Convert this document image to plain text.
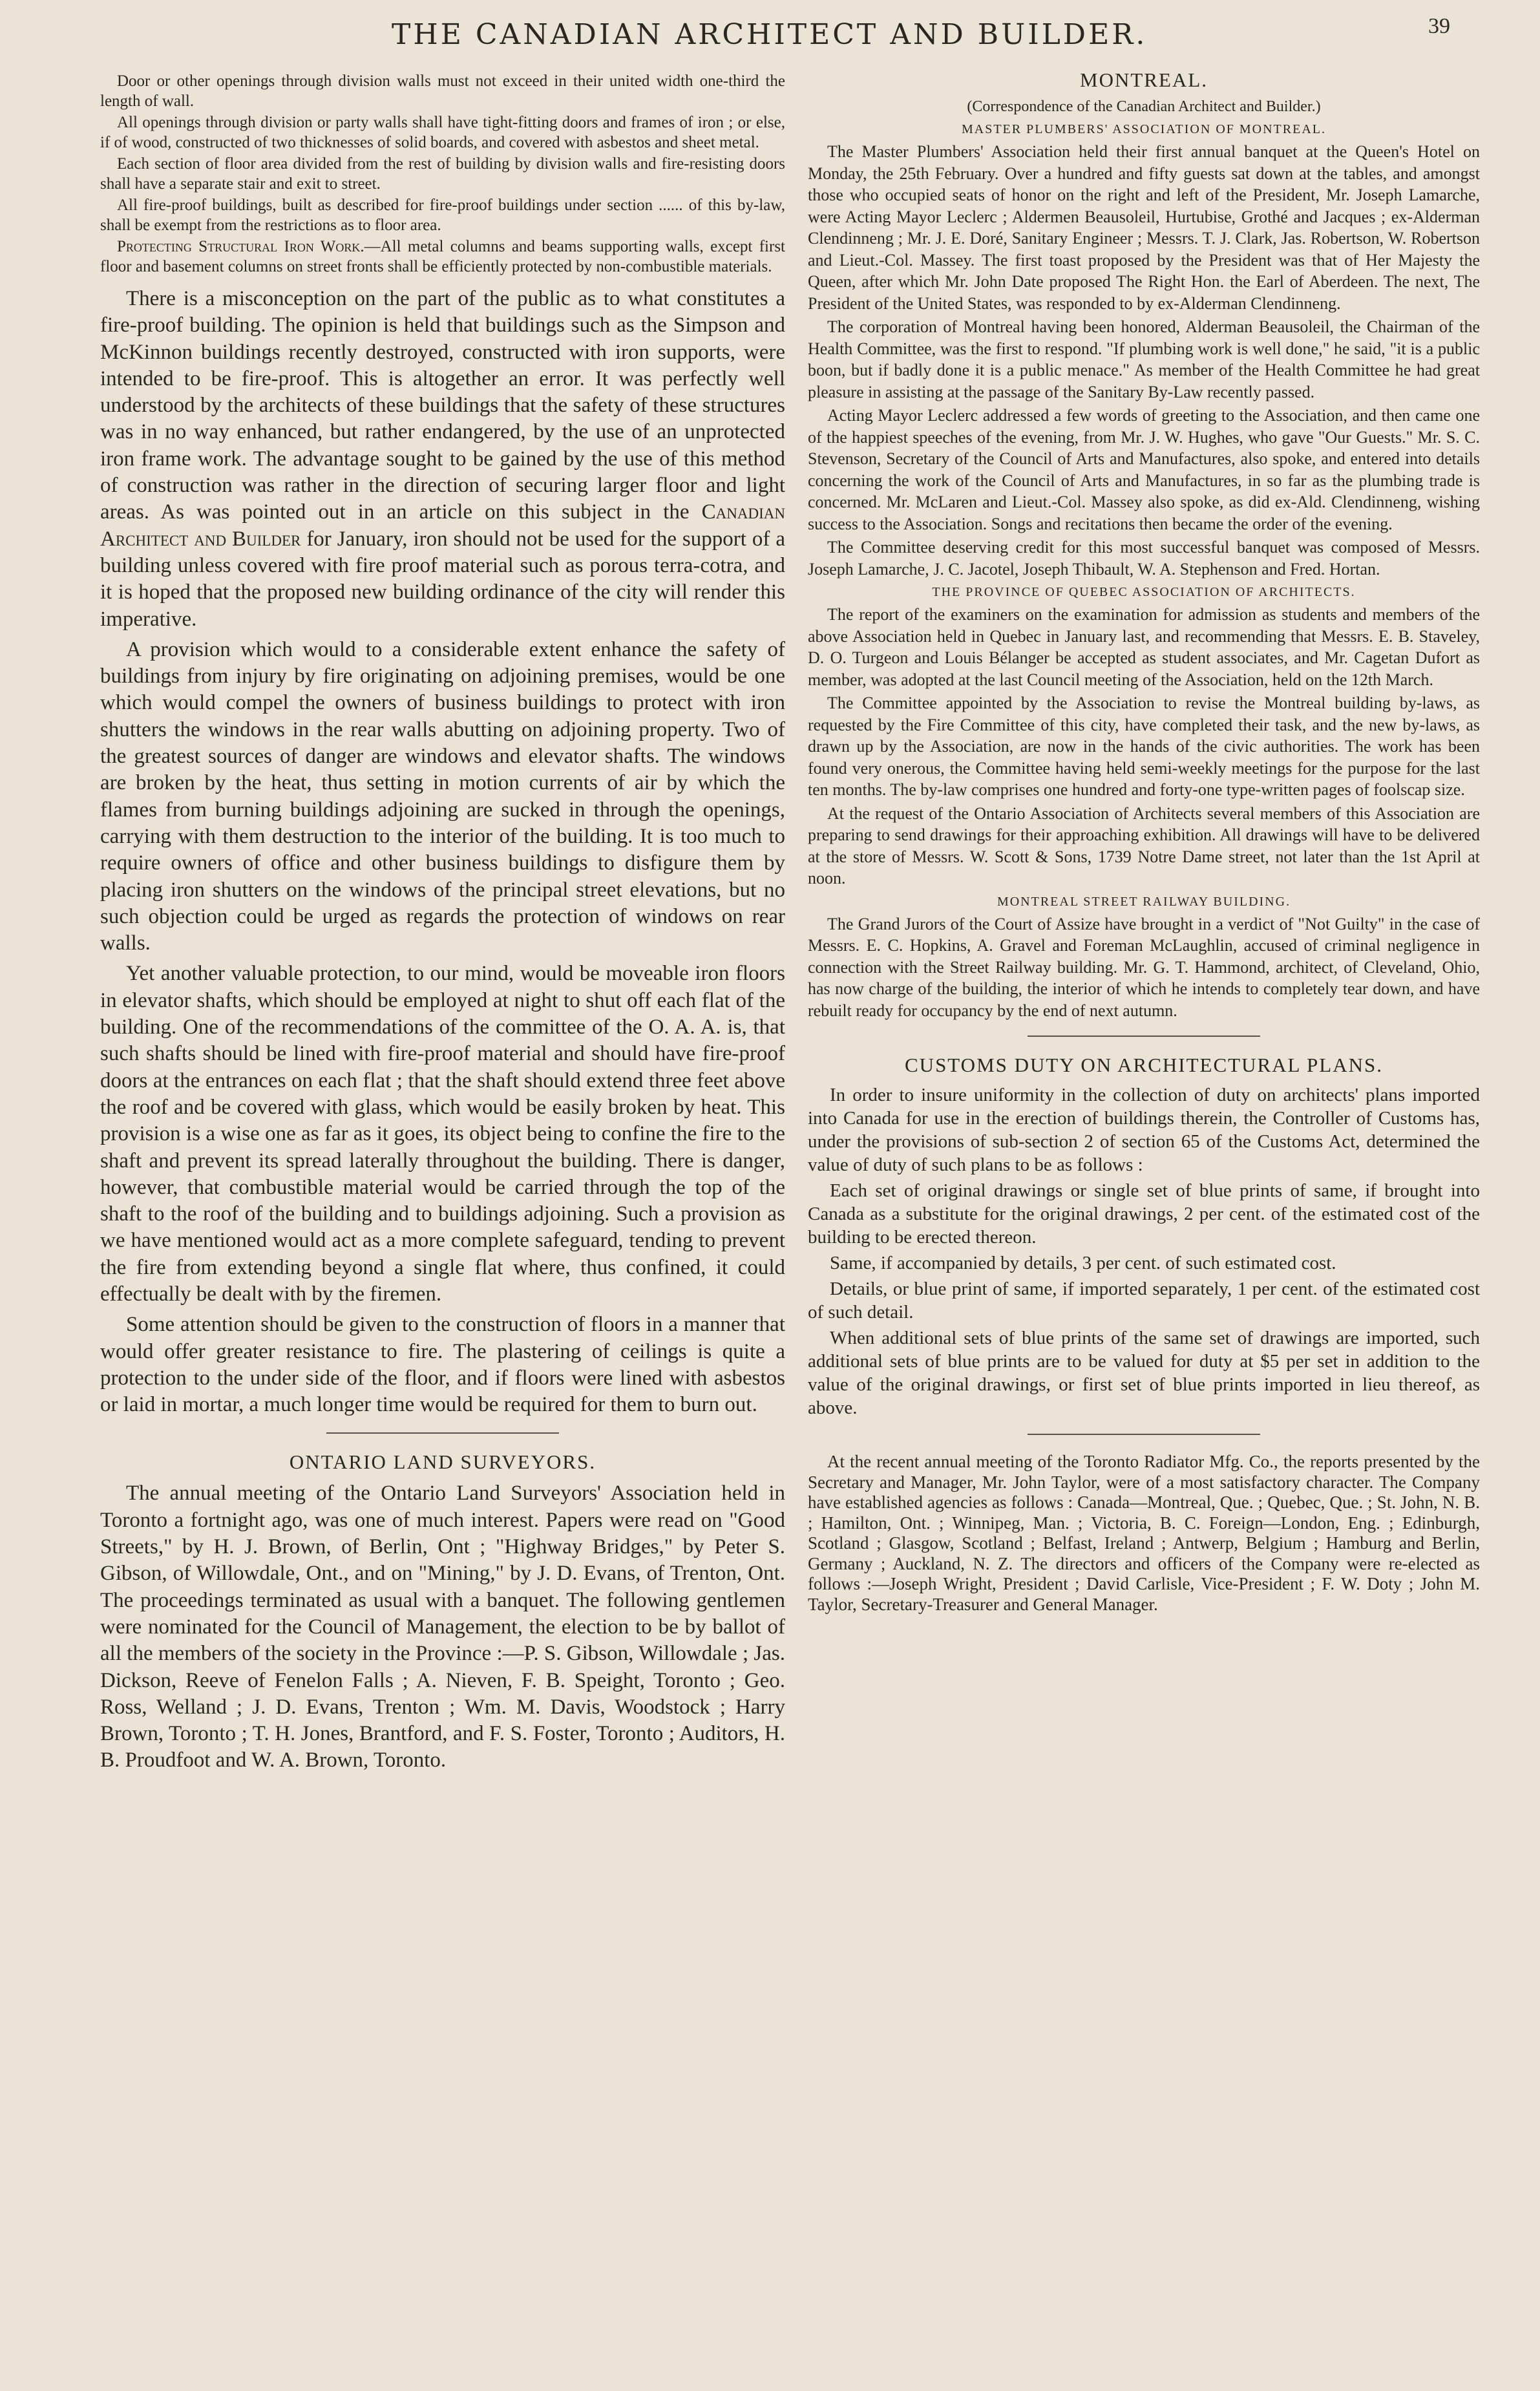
THE CANADIAN ARCHITECT AND BUILDER.	39

Door or other openings through division walls must not exceed in their united width one-third the length of wall.

All openings through division or party walls shall have tight-fitting doors and frames of iron ; or else, if of wood, constructed of two thicknesses of solid boards, and covered with asbestos and sheet metal.

Each section of floor area divided from the rest of building by division walls and fire-resisting doors shall have a separate stair and exit to street.

All fire-proof buildings, built as described for fire-proof buildings under section ...... of this by-law, shall be exempt from the restrictions as to floor area.

Protecting Structural Iron Work.—All metal columns and beams supporting walls, except first floor and basement columns on street fronts shall be efficiently protected by non-combustible materials.

There is a misconception on the part of the public as to what constitutes a fire-proof building. The opinion is held that buildings such as the Simpson and McKinnon buildings recently destroyed, constructed with iron supports, were intended to be fire-proof. This is altogether an error. It was perfectly well understood by the architects of these buildings that the safety of these structures was in no way enhanced, but rather endangered, by the use of an unprotected iron frame work. The advantage sought to be gained by the use of this method of construction was rather in the direction of securing larger floor and light areas. As was pointed out in an article on this subject in the Canadian Architect and Builder for January, iron should not be used for the support of a building unless covered with fire proof material such as porous terra-cotra, and it is hoped that the proposed new building ordinance of the city will render this imperative.

A provision which would to a considerable extent enhance the safety of buildings from injury by fire originating on adjoining premises, would be one which would compel the owners of business buildings to protect with iron shutters the windows in the rear walls abutting on adjoining property. Two of the greatest sources of danger are windows and elevator shafts. The windows are broken by the heat, thus setting in motion currents of air by which the flames from burning buildings adjoining are sucked in through the openings, carrying with them destruction to the interior of the building. It is too much to require owners of office and other business buildings to disfigure them by placing iron shutters on the windows of the principal street elevations, but no such objection could be urged as regards the protection of windows on rear walls.

Yet another valuable protection, to our mind, would be moveable iron floors in elevator shafts, which should be employed at night to shut off each flat of the building. One of the recommendations of the committee of the O. A. A. is, that such shafts should be lined with fire-proof material and should have fire-proof doors at the entrances on each flat ; that the shaft should extend three feet above the roof and be covered with glass, which would be easily broken by heat. This provision is a wise one as far as it goes, its object being to confine the fire to the shaft and prevent its spread laterally throughout the building. There is danger, however, that combustible material would be carried through the top of the shaft to the roof of the building and to buildings adjoining. Such a provision as we have mentioned would act as a more complete safeguard, tending to prevent the fire from extending beyond a single flat where, thus confined, it could effectually be dealt with by the firemen.

Some attention should be given to the construction of floors in a manner that would offer greater resistance to fire. The plastering of ceilings is quite a protection to the under side of the floor, and if floors were lined with asbestos or laid in mortar, a much longer time would be required for them to burn out.

ONTARIO LAND SURVEYORS.

The annual meeting of the Ontario Land Surveyors' Association held in Toronto a fortnight ago, was one of much interest. Papers were read on "Good Streets," by H. J. Brown, of Berlin, Ont ; "Highway Bridges," by Peter S. Gibson, of Willowdale, Ont., and on "Mining," by J. D. Evans, of Trenton, Ont. The proceedings terminated as usual with a banquet. The following gentlemen were nominated for the Council of Management, the election to be by ballot of all the members of the society in the Province :—P. S. Gibson, Willowdale ; Jas. Dickson, Reeve of Fenelon Falls ; A. Nieven, F. B. Speight, Toronto ; Geo. Ross, Welland ; J. D. Evans, Trenton ; Wm. M. Davis, Woodstock ; Harry Brown, Toronto ; T. H. Jones, Brantford, and F. S. Foster, Toronto ; Auditors, H. B. Proudfoot and W. A. Brown, Toronto.

MONTREAL.
(Correspondence of the Canadian Architect and Builder.)
MASTER PLUMBERS' ASSOCIATION OF MONTREAL.

The Master Plumbers' Association held their first annual banquet at the Queen's Hotel on Monday, the 25th February. Over a hundred and fifty guests sat down at the tables, and amongst those who occupied seats of honor on the right and left of the President, Mr. Joseph Lamarche, were Acting Mayor Leclerc ; Aldermen Beausoleil, Hurtubise, Grothé and Jacques ; ex-Alderman Clendinneng ; Mr. J. E. Doré, Sanitary Engineer ; Messrs. T. J. Clark, Jas. Robertson, W. Robertson and Lieut.-Col. Massey. The first toast proposed by the President was that of Her Majesty the Queen, after which Mr. John Date proposed The Right Hon. the Earl of Aberdeen. The next, The President of the United States, was responded to by ex-Alderman Clendinneng.

The corporation of Montreal having been honored, Alderman Beausoleil, the Chairman of the Health Committee, was the first to respond. "If plumbing work is well done," he said, "it is a public boon, but if badly done it is a public menace." As member of the Health Committee he had great pleasure in assisting at the passage of the Sanitary By-Law recently passed.

Acting Mayor Leclerc addressed a few words of greeting to the Association, and then came one of the happiest speeches of the evening, from Mr. J. W. Hughes, who gave "Our Guests." Mr. S. C. Stevenson, Secretary of the Council of Arts and Manufactures, also spoke, and entered into details concerning the work of the Council of Arts and Manufactures, in so far as the plumbing trade is concerned. Mr. McLaren and Lieut.-Col. Massey also spoke, as did ex-Ald. Clendinneng, wishing success to the Association. Songs and recitations then became the order of the evening.

The Committee deserving credit for this most successful banquet was composed of Messrs. Joseph Lamarche, J. C. Jacotel, Joseph Thibault, W. A. Stephenson and Fred. Hortan.

THE PROVINCE OF QUEBEC ASSOCIATION OF ARCHITECTS.

The report of the examiners on the examination for admission as students and members of the above Association held in Quebec in January last, and recommending that Messrs. E. B. Staveley, D. O. Turgeon and Louis Bélanger be accepted as student associates, and Mr. Cagetan Dufort as member, was adopted at the last Council meeting of the Association, held on the 12th March.

The Committee appointed by the Association to revise the Montreal building by-laws, as requested by the Fire Committee of this city, have completed their task, and the new by-laws, as drawn up by the Association, are now in the hands of the civic authorities. The work has been found very onerous, the Committee having held semi-weekly meetings for the purpose for the last ten months. The by-law comprises one hundred and forty-one type-written pages of foolscap size.

At the request of the Ontario Association of Architects several members of this Association are preparing to send drawings for their approaching exhibition. All drawings will have to be delivered at the store of Messrs. W. Scott & Sons, 1739 Notre Dame street, not later than the 1st April at noon.

MONTREAL STREET RAILWAY BUILDING.

The Grand Jurors of the Court of Assize have brought in a verdict of "Not Guilty" in the case of Messrs. E. C. Hopkins, A. Gravel and Foreman McLaughlin, accused of criminal negligence in connection with the Street Railway building. Mr. G. T. Hammond, architect, of Cleveland, Ohio, has now charge of the building, the interior of which he intends to completely tear down, and have rebuilt ready for occupancy by the end of next autumn.

CUSTOMS DUTY ON ARCHITECTURAL PLANS.

In order to insure uniformity in the collection of duty on architects' plans imported into Canada for use in the erection of buildings therein, the Controller of Customs has, under the provisions of sub-section 2 of section 65 of the Customs Act, determined the value of duty of such plans to be as follows :

Each set of original drawings or single set of blue prints of same, if brought into Canada as a substitute for the original drawings, 2 per cent. of the estimated cost of the building to be erected thereon.

Same, if accompanied by details, 3 per cent. of such estimated cost.

Details, or blue print of same, if imported separately, 1 per cent. of the estimated cost of such detail.

When additional sets of blue prints of the same set of drawings are imported, such additional sets of blue prints are to be valued for duty at $5 per set in addition to the value of the original drawings, or first set of blue prints imported in lieu thereof, as above.

At the recent annual meeting of the Toronto Radiator Mfg. Co., the reports presented by the Secretary and Manager, Mr. John Taylor, were of a most satisfactory character. The Company have established agencies as follows : Canada—Montreal, Que. ; Quebec, Que. ; St. John, N. B. ; Hamilton, Ont. ; Winnipeg, Man. ; Victoria, B. C. Foreign—London, Eng. ; Edinburgh, Scotland ; Glasgow, Scotland ; Belfast, Ireland ; Antwerp, Belgium ; Hamburg and Berlin, Germany ; Auckland, N. Z. The directors and officers of the Company were re-elected as follows :—Joseph Wright, President ; David Carlisle, Vice-President ; F. W. Doty ; John M. Taylor, Secretary-Treasurer and General Manager.
